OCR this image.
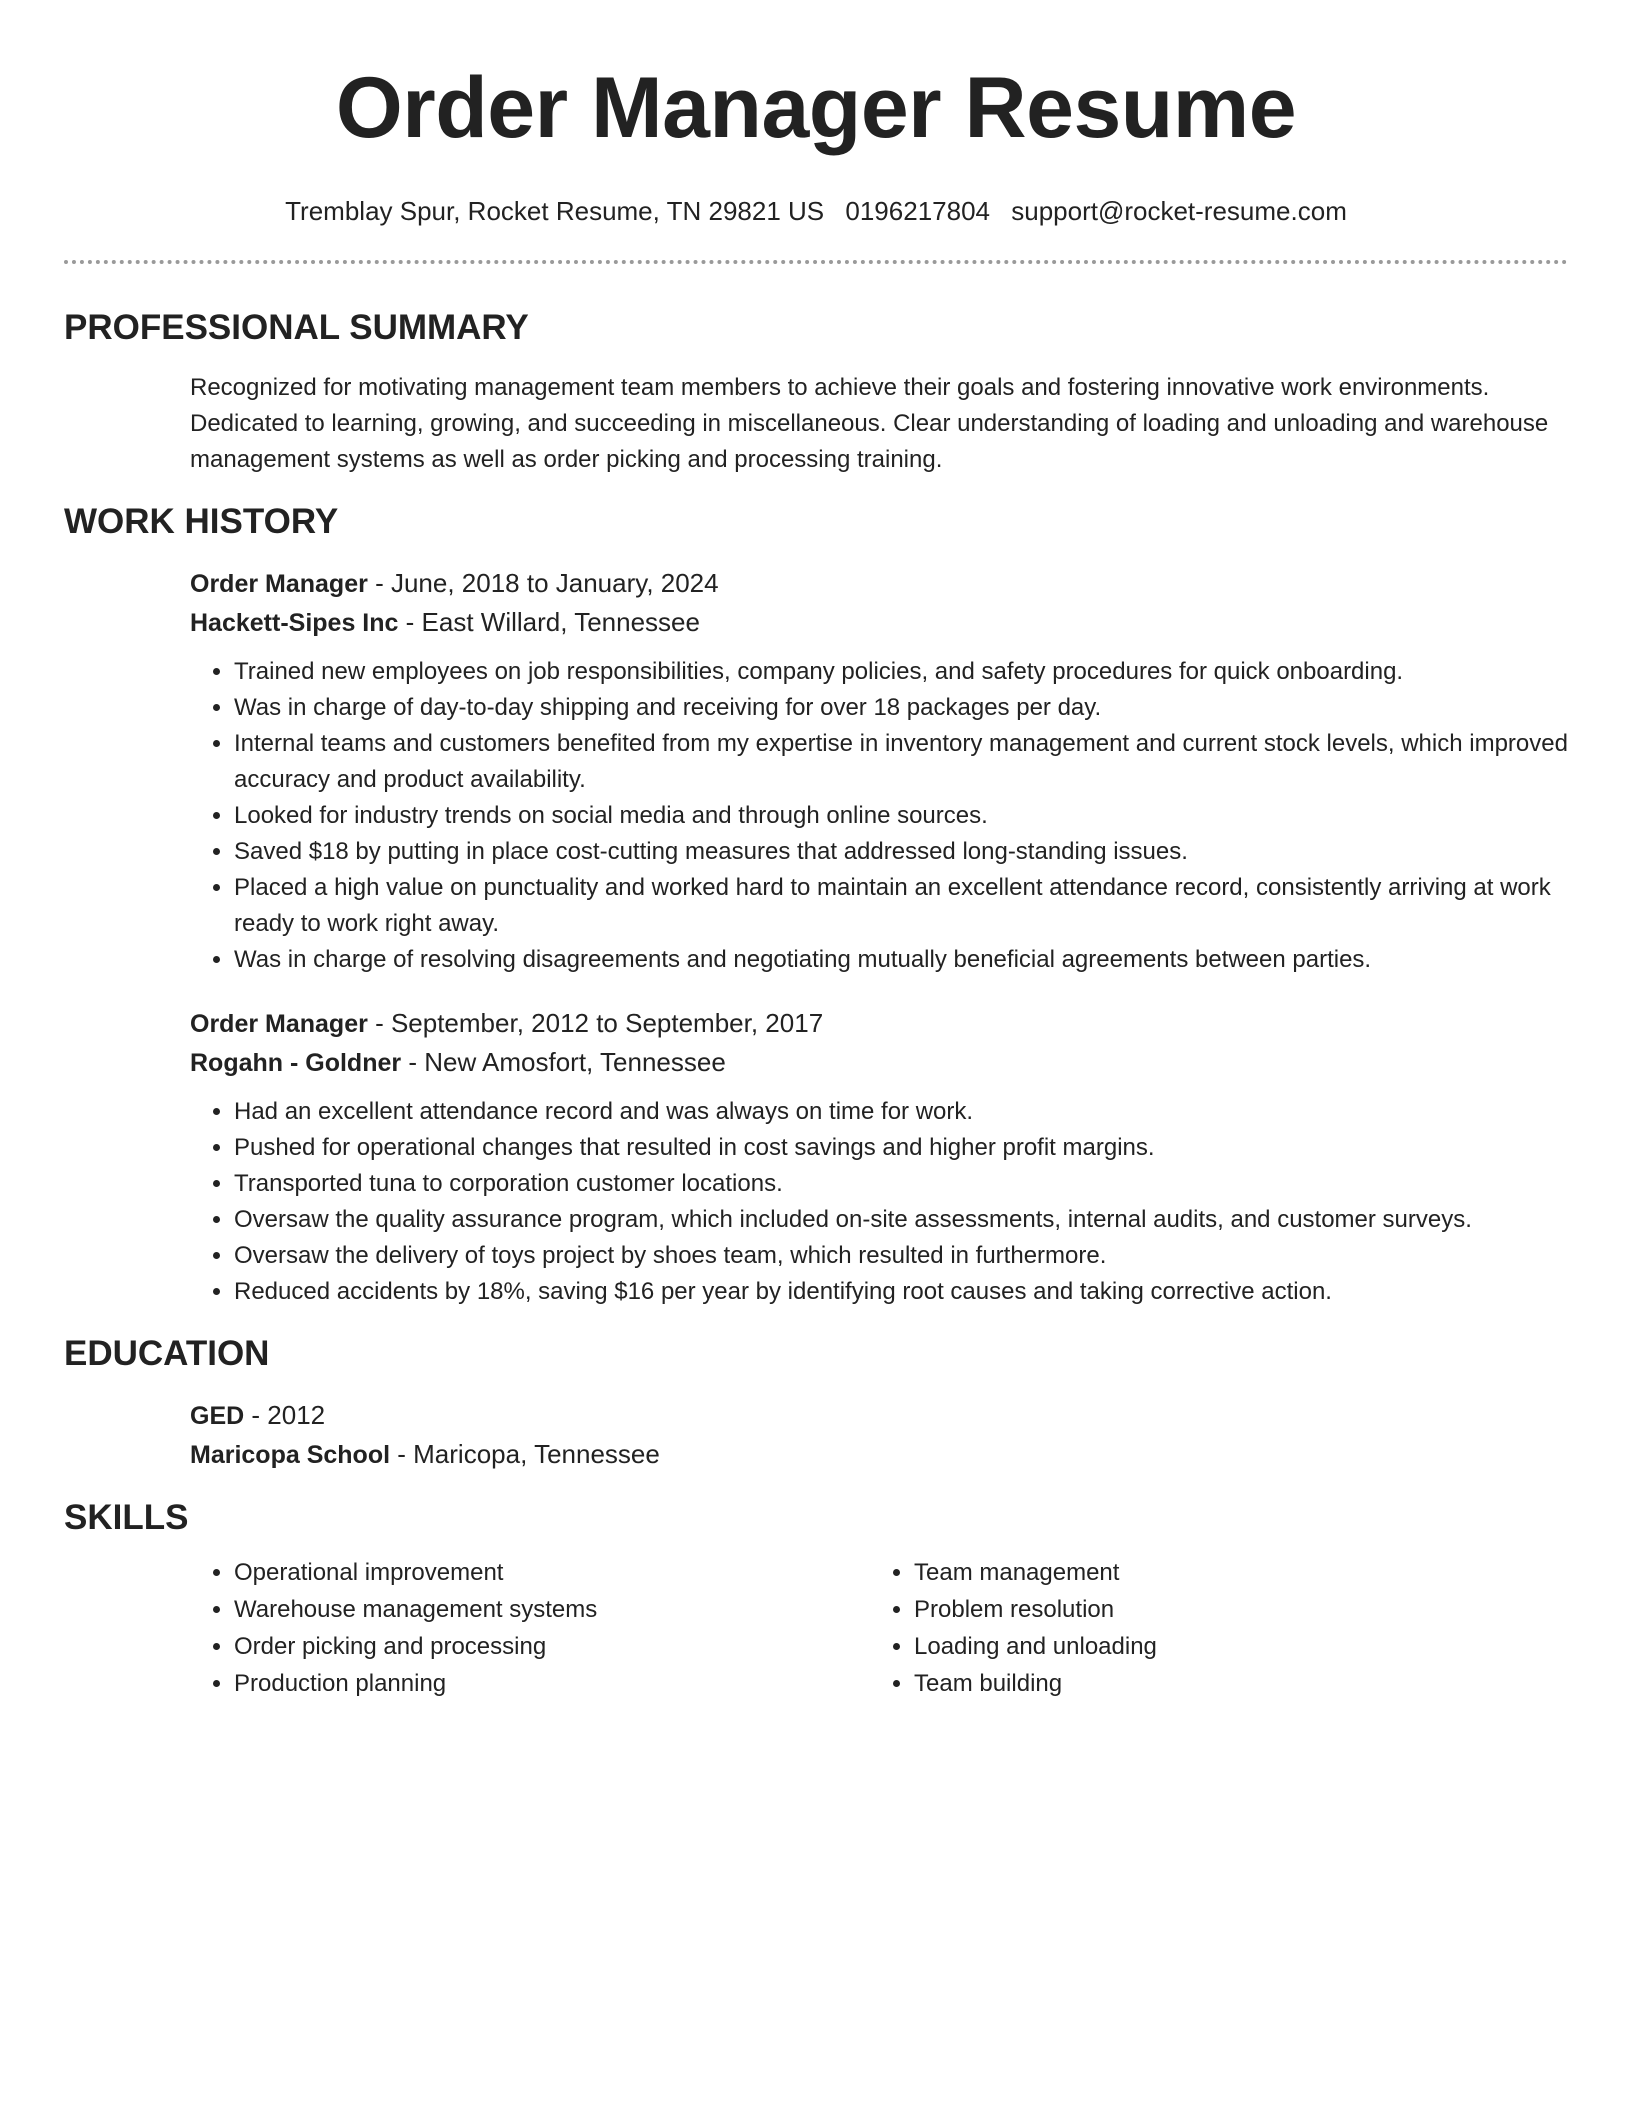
Order Manager Resume
Tremblay Spur, Rocket Resume, TN 29821 US 0196217804 support@rocket-resume.com
PROFESSIONAL SUMMARY
Recognized for motivating management team members to achieve their goals and fostering innovative work environments. Dedicated to learning, growing, and succeeding in miscellaneous. Clear understanding of loading and unloading and warehouse management systems as well as order picking and processing training.
WORK HISTORY
Order Manager - June, 2018 to January, 2024
Hackett-Sipes Inc - East Willard, Tennessee
• Trained new employees on job responsibilities, company policies, and safety procedures for quick onboarding.
• Was in charge of day-to-day shipping and receiving for over 18 packages per day.
• Internal teams and customers benefited from my expertise in inventory management and current stock levels, which improved accuracy and product availability.
• Looked for industry trends on social media and through online sources.
• Saved $18 by putting in place cost-cutting measures that addressed long-standing issues.
• Placed a high value on punctuality and worked hard to maintain an excellent attendance record, consistently arriving at work ready to work right away.
• Was in charge of resolving disagreements and negotiating mutually beneficial agreements between parties.
Order Manager - September, 2012 to September, 2017
Rogahn - Goldner - New Amosfort, Tennessee
• Had an excellent attendance record and was always on time for work.
• Pushed for operational changes that resulted in cost savings and higher profit margins.
• Transported tuna to corporation customer locations.
• Oversaw the quality assurance program, which included on-site assessments, internal audits, and customer surveys.
• Oversaw the delivery of toys project by shoes team, which resulted in furthermore.
• Reduced accidents by 18%, saving $16 per year by identifying root causes and taking corrective action.
EDUCATION
GED - 2012
Maricopa School - Maricopa, Tennessee
SKILLS
• Operational improvement
• Warehouse management systems
• Order picking and processing
• Production planning
• Team management
• Problem resolution
• Loading and unloading
• Team building
